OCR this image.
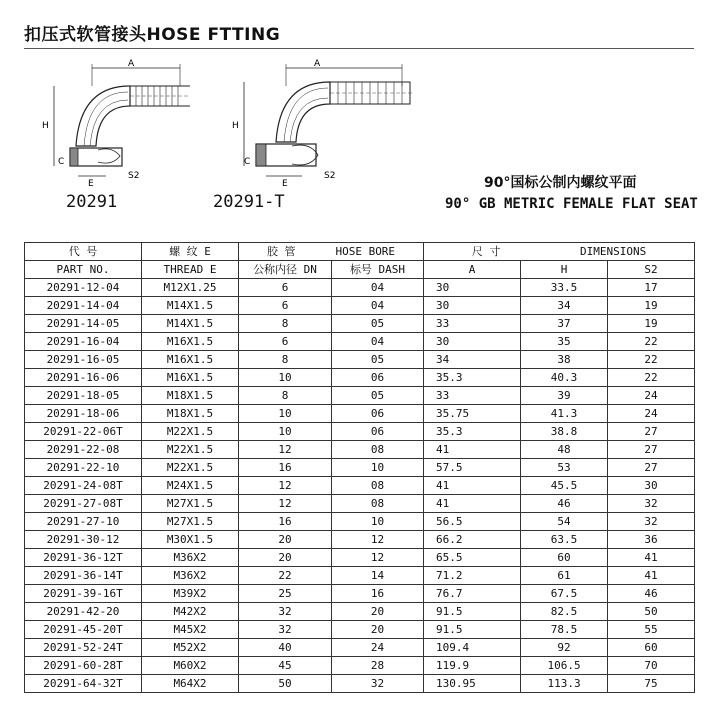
扣压式软管接头HOSE FTTING
A
H
C
E
S2
20291
A
H
C
E
S2
20291-T
90°国标公制内螺纹平面
90° GB METRIC FEMALE FLAT SEAT
代 号	螺 纹 E	胶 管 HOSE BORE		尺 寸 DIMENSIONS		

PART NO.	THREAD E	公称内径 DN	标号 DASH	A	H	S2
20291-12-04	M12X1.25	6	04	30	33.5	17
20291-14-04	M14X1.5	6	04	30	34	19
20291-14-05	M14X1.5	8	05	33	37	19
20291-16-04	M16X1.5	6	04	30	35	22
20291-16-05	M16X1.5	8	05	34	38	22
20291-16-06	M16X1.5	10	06	35.3	40.3	22
20291-18-05	M18X1.5	8	05	33	39	24
20291-18-06	M18X1.5	10	06	35.75	41.3	24
20291-22-06T	M22X1.5	10	06	35.3	38.8	27
20291-22-08	M22X1.5	12	08	41	48	27
20291-22-10	M22X1.5	16	10	57.5	53	27
20291-24-08T	M24X1.5	12	08	41	45.5	30
20291-27-08T	M27X1.5	12	08	41	46	32
20291-27-10	M27X1.5	16	10	56.5	54	32
20291-30-12	M30X1.5	20	12	66.2	63.5	36
20291-36-12T	M36X2	20	12	65.5	60	41
20291-36-14T	M36X2	22	14	71.2	61	41
20291-39-16T	M39X2	25	16	76.7	67.5	46
20291-42-20	M42X2	32	20	91.5	82.5	50
20291-45-20T	M45X2	32	20	91.5	78.5	55
20291-52-24T	M52X2	40	24	109.4	92	60
20291-60-28T	M60X2	45	28	119.9	106.5	70
20291-64-32T	M64X2	50	32	130.95	113.3	75
